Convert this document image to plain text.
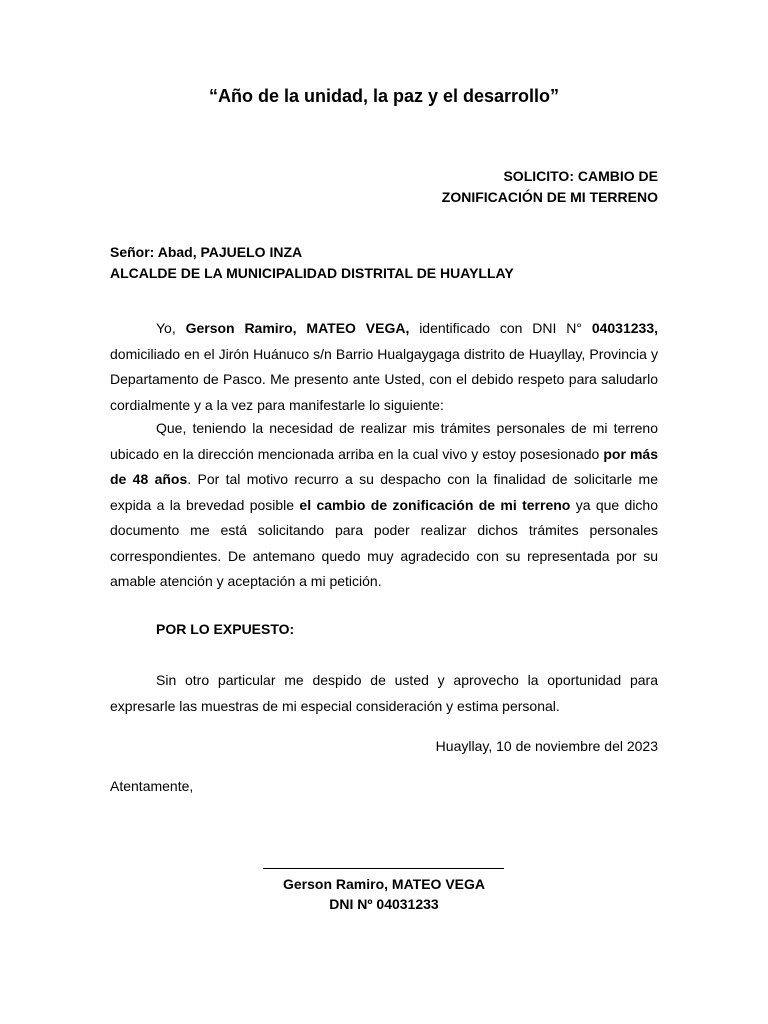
“Año de la unidad, la paz y el desarrollo”
SOLICITO: CAMBIO DE
ZONIFICACIÓN DE MI TERRENO
Señor: Abad, PAJUELO INZA
ALCALDE DE LA MUNICIPALIDAD DISTRITAL DE HUAYLLAY

Yo, Gerson Ramiro, MATEO VEGA, identificado con DNI N° 04031233, domiciliado en el Jirón Huánuco s/n Barrio Hualgaygaga distrito de Huayllay, Provincia y Departamento de Pasco. Me presento ante Usted, con el debido respeto para saludarlo cordialmente y a la vez para manifestarle lo siguiente:

Que, teniendo la necesidad de realizar mis trámites personales de mi terreno ubicado en la dirección mencionada arriba en la cual vivo y estoy posesionado por más de 48 años. Por tal motivo recurro a su despacho con la finalidad de solicitarle me expida a la brevedad posible el cambio de zonificación de mi terreno ya que dicho documento me está solicitando para poder realizar dichos trámites personales correspondientes. De antemano quedo muy agradecido con su representada por su amable atención y aceptación a mi petición.

POR LO EXPUESTO:

Sin otro particular me despido de usted y aprovecho la oportunidad para expresarle las muestras de mi especial consideración y estima personal.

Huayllay, 10 de noviembre del 2023
Atentamente,
Gerson Ramiro, MATEO VEGA
DNI Nº 04031233
